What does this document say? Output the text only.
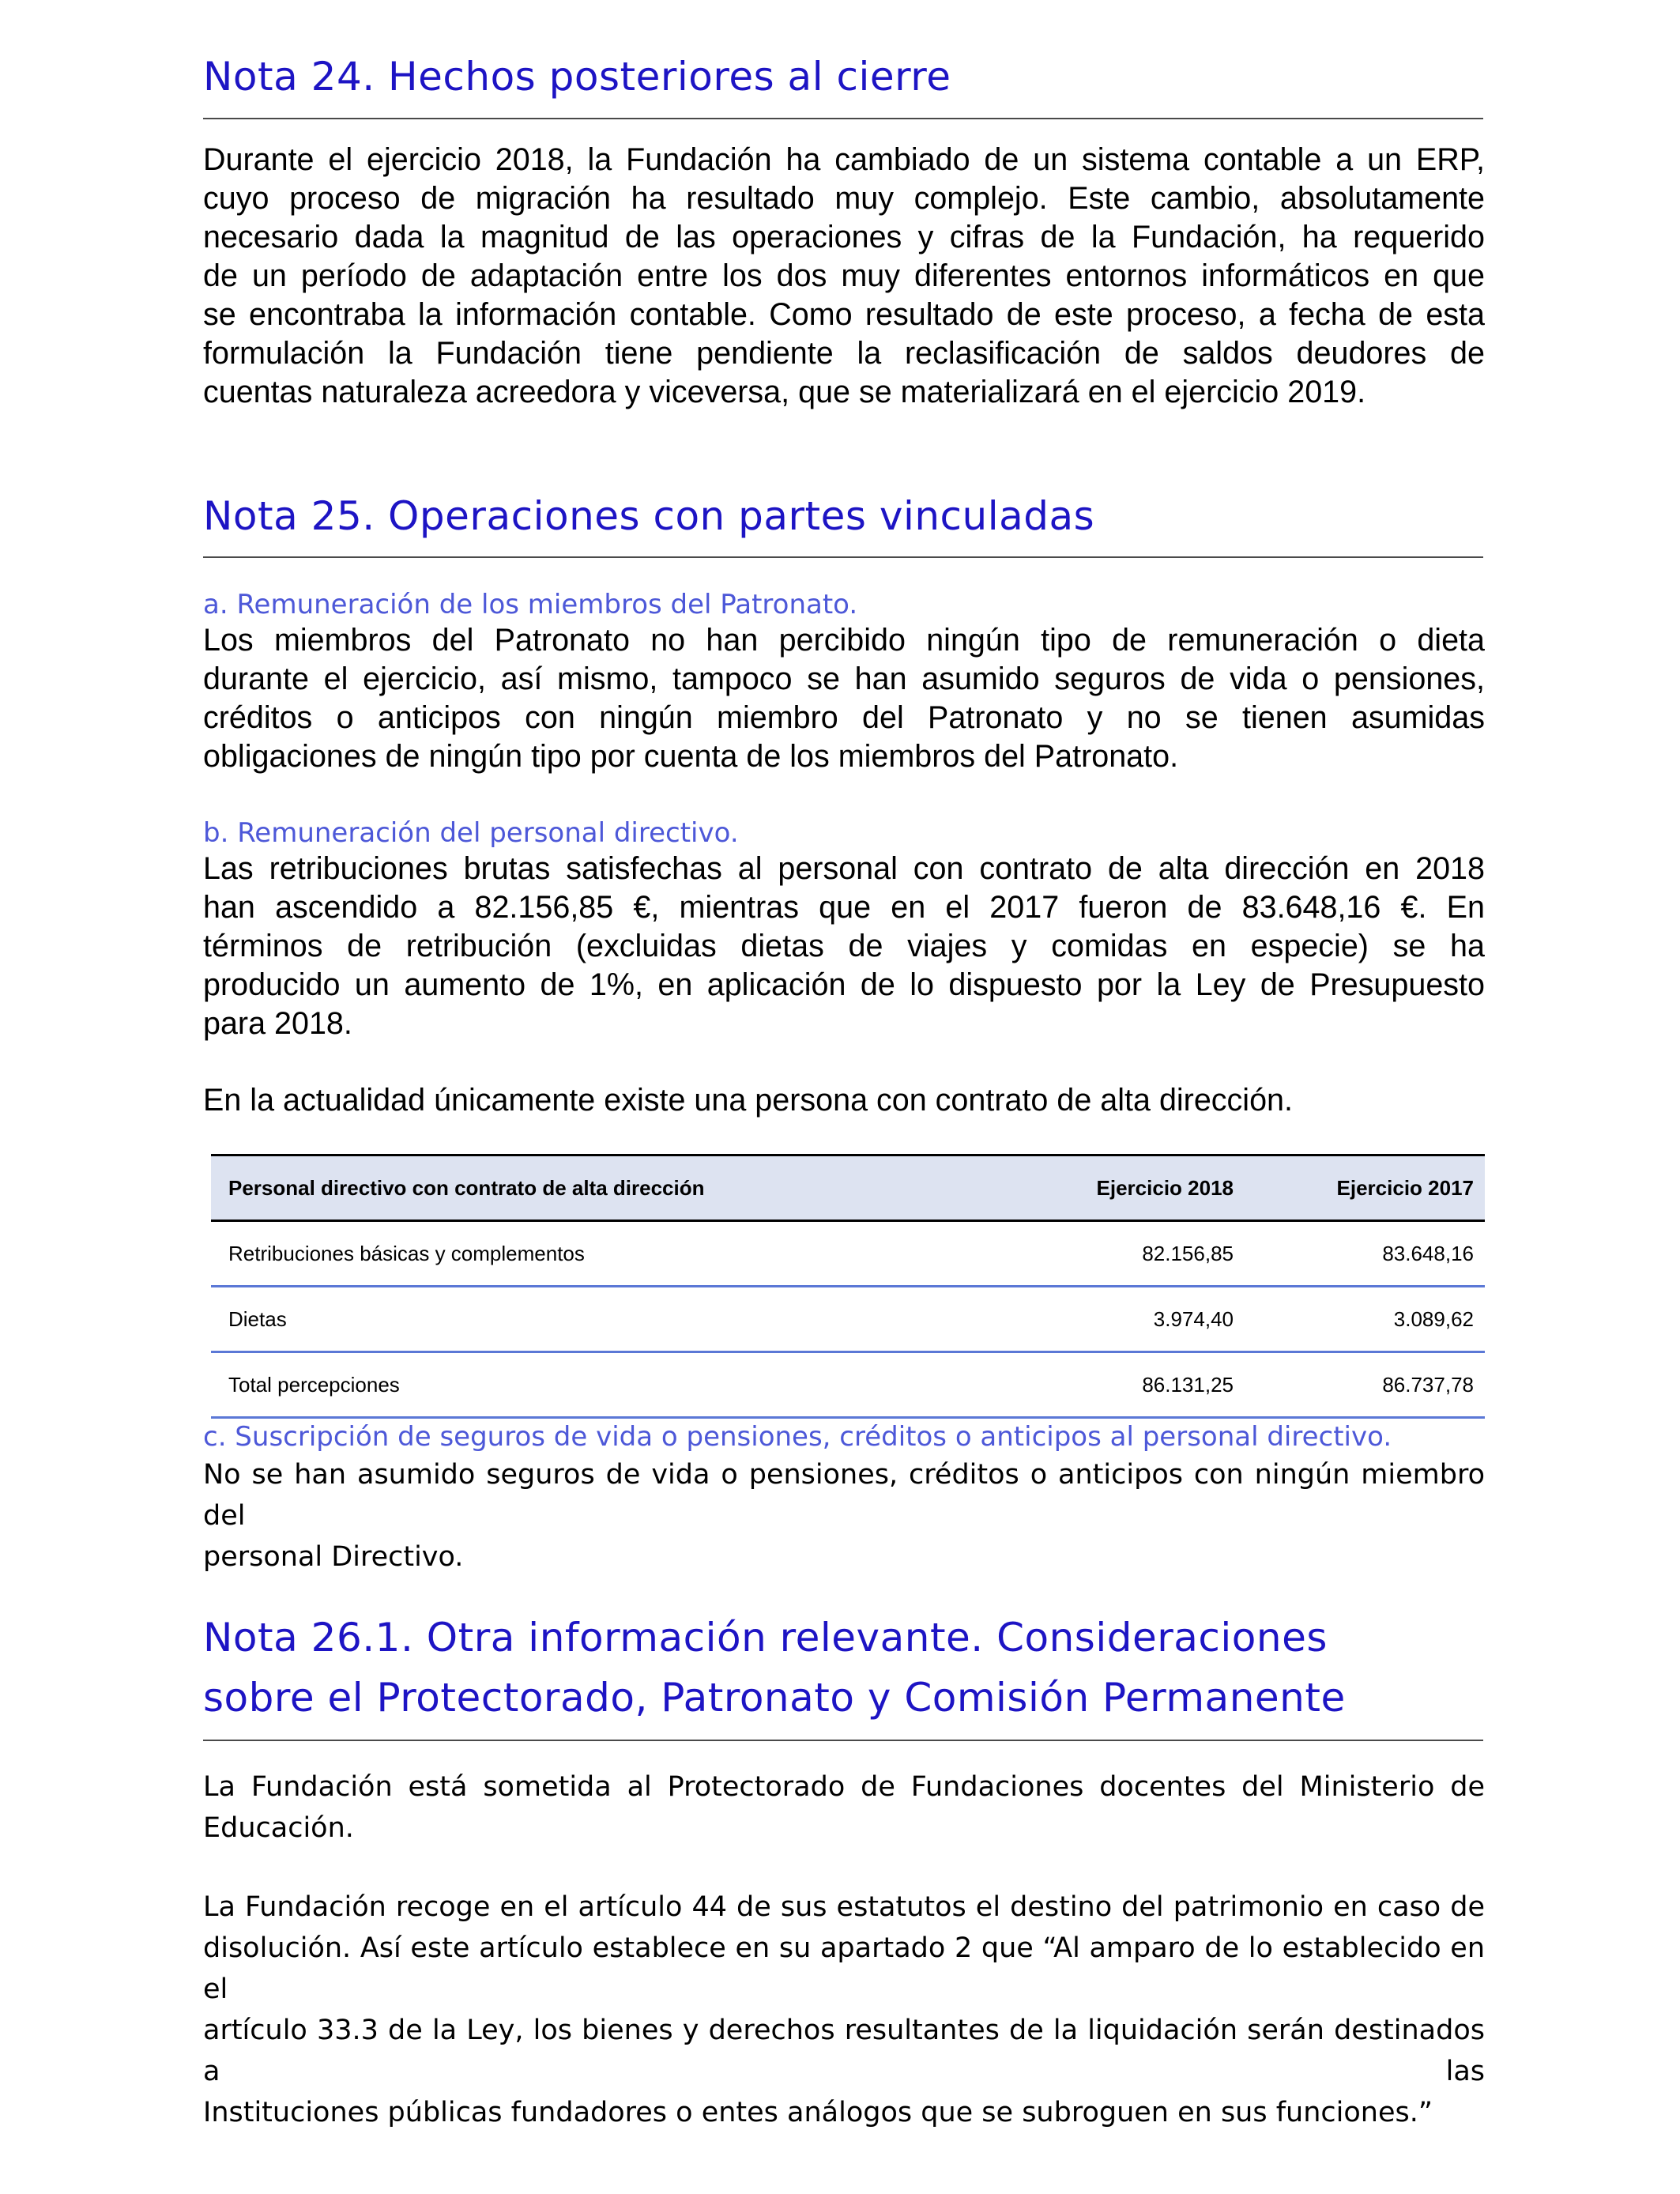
Nota 24. Hechos posteriores al cierre
Durante el ejercicio 2018, la Fundación ha cambiado de un sistema contable a un ERP,
cuyo proceso de migración ha resultado muy complejo. Este cambio, absolutamente
necesario dada la magnitud de las operaciones y cifras de la Fundación, ha requerido
de un período de adaptación entre los dos muy diferentes entornos informáticos en que
se encontraba la información contable. Como resultado de este proceso, a fecha de esta
formulación la Fundación tiene pendiente la reclasificación de saldos deudores de
cuentas naturaleza acreedora y viceversa, que se materializará en el ejercicio 2019.
Nota 25. Operaciones con partes vinculadas
a. Remuneración de los miembros del Patronato.
Los miembros del Patronato no han percibido ningún tipo de remuneración o dieta
durante el ejercicio, así mismo, tampoco se han asumido seguros de vida o pensiones,
créditos o anticipos con ningún miembro del Patronato y no se tienen asumidas
obligaciones de ningún tipo por cuenta de los miembros del Patronato.
b. Remuneración del personal directivo.
Las retribuciones brutas satisfechas al personal con contrato de alta dirección en 2018
han ascendido a 82.156,85 €, mientras que en el 2017 fueron de 83.648,16 €. En
términos de retribución (excluidas dietas de viajes y comidas en especie) se ha
producido un aumento de 1%, en aplicación de lo dispuesto por la Ley de Presupuesto
para 2018.
En la actualidad únicamente existe una persona con contrato de alta dirección.
Personal directivo con contrato de alta dirección	Ejercicio 2018	Ejercicio 2017
Retribuciones básicas y complementos	82.156,85	83.648,16
Dietas	3.974,40	3.089,62
Total percepciones	86.131,25	86.737,78
c. Suscripción de seguros de vida o pensiones, créditos o anticipos al personal directivo.
No se han asumido seguros de vida o pensiones, créditos o anticipos con ningún miembro del
personal Directivo.
Nota 26.1. Otra información relevante. Consideraciones
sobre el Protectorado, Patronato y Comisión Permanente
La Fundación está sometida al Protectorado de Fundaciones docentes del Ministerio de
Educación.
La Fundación recoge en el artículo 44 de sus estatutos el destino del patrimonio en caso de
disolución. Así este artículo establece en su apartado 2 que “Al amparo de lo establecido en el
artículo 33.3 de la Ley, los bienes y derechos resultantes de la liquidación serán destinados a las
Instituciones públicas fundadores o entes análogos que se subroguen en sus funciones.”
